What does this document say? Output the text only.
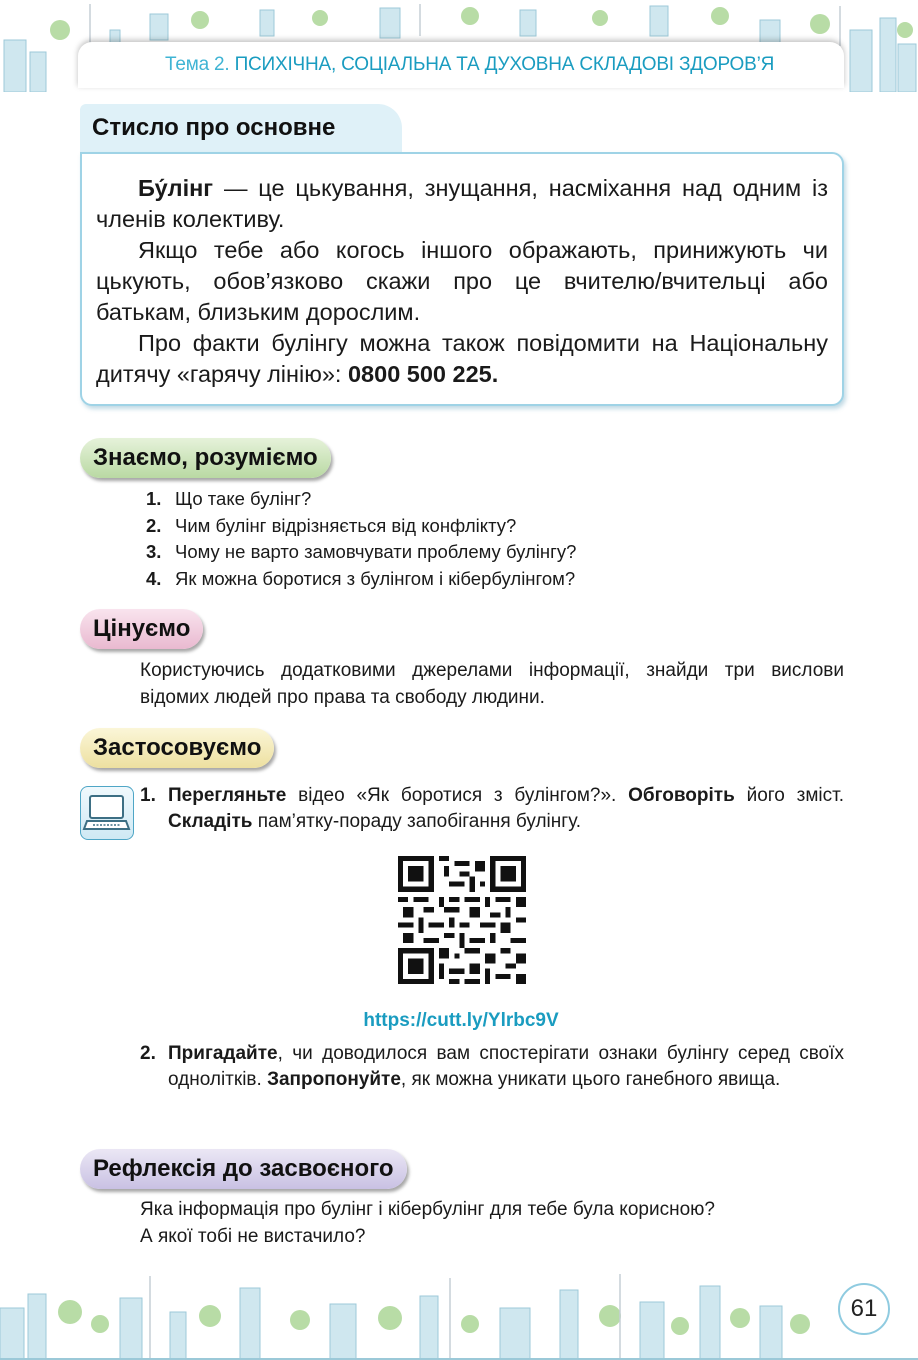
Тема 2. ПСИХІЧНА, СОЦІАЛЬНА ТА ДУХОВНА СКЛАДОВІ ЗДОРОВ’Я
Стисло про основне

Бу́лінг — це цькування, знущання, насміхання над одним із членів колективу.

Якщо тебе або когось іншого ображають, принижують чи цькують, обов’язково скажи про це вчителю/вчительці або батькам, близьким дорослим.

Про факти булінгу можна також повідомити на Національну дитячу «гарячу лінію»: 0800 500 225.

Знаємо, розуміємо
1. Що таке булінг?
2. Чим булінг відрізняється від конфлікту?
3. Чому не варто замовчувати проблему булінгу?
4. Як можна боротися з булінгом і кібербулінгом?
Цінуємо
Користуючись додатковими джерелами інформації, знайди три вислови відомих людей про права та свободу людини.
Застосовуємо
1. Перегляньте відео «Як боротися з булінгом?». Обговоріть його зміст. Складіть пам’ятку-пораду запобігання булінгу.
https://cutt.ly/Ylrbc9V
2. Пригадайте, чи доводилося вам спостерігати ознаки булінгу серед своїх однолітків. Запропонуйте, як можна уникати цього ганебного явища.
Рефлексія до засвоєного
Яка інформація про булінг і кібербулінг для тебе була корисною?
А якої тобі не вистачило?
61
